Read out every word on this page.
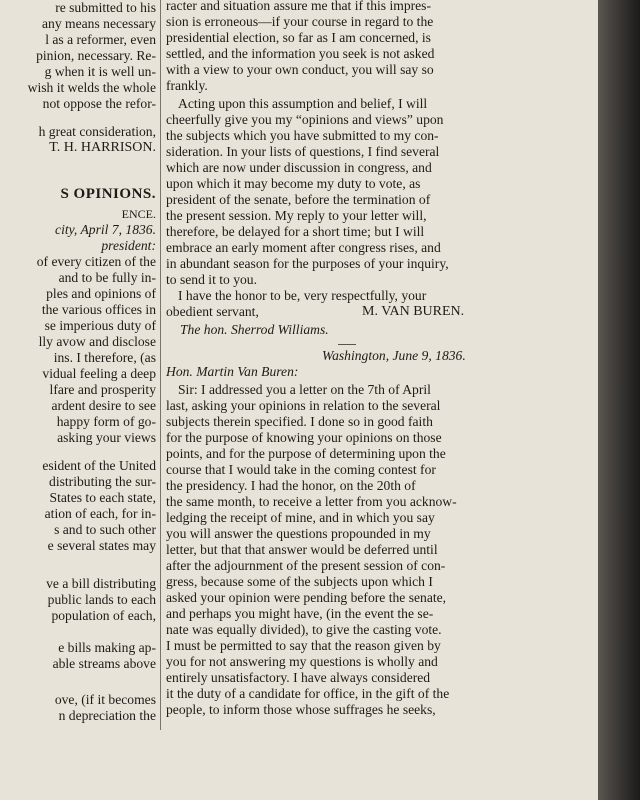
re submitted to his
any means necessary
l as a reformer, even
pinion, necessary. Re-
g when it is well un-
wish it welds the whole
not oppose the refor-
h great consideration,
T. H. HARRISON.
S OPINIONS.
ENCE.
city, April 7, 1836.
president:
of every citizen of the
and to be fully in-
ples and opinions of
the various offices in
se imperious duty of
lly avow and disclose
ins. I therefore, (as
vidual feeling a deep
lfare and prosperity
ardent desire to see
happy form of go-
asking your views
esident of the United
distributing the sur-
States to each state,
ation of each, for in-
s and to such other
e several states may
ve a bill distributing
public lands to each
population of each,
e bills making ap-
able streams above
ove, (if it becomes
n depreciation the
racter and situation assure me that if this impres-
sion is erroneous—if your course in regard to the
presidential election, so far as I am concerned, is
settled, and the information you seek is not asked
with a view to your own conduct, you will say so
frankly.
Acting upon this assumption and belief, I will
cheerfully give you my “opinions and views” upon
the subjects which you have submitted to my con-
sideration. In your lists of questions, I find several
which are now under discussion in congress, and
upon which it may become my duty to vote, as
president of the senate, before the termination of
the present session. My reply to your letter will,
therefore, be delayed for a short time; but I will
embrace an early moment after congress rises, and
in abundant season for the purposes of your inquiry,
to send it to you.
I have the honor to be, very respectfully, your
obedient servant,	M. VAN BUREN.
The hon. Sherrod Williams.
Washington, June 9, 1836.
Hon. Martin Van Buren:
Sir: I addressed you a letter on the 7th of April
last, asking your opinions in relation to the several
subjects therein specified. I done so in good faith
for the purpose of knowing your opinions on those
points, and for the purpose of determining upon the
course that I would take in the coming contest for
the presidency. I had the honor, on the 20th of
the same month, to receive a letter from you acknow-
ledging the receipt of mine, and in which you say
you will answer the questions propounded in my
letter, but that that answer would be deferred until
after the adjournment of the present session of con-
gress, because some of the subjects upon which I
asked your opinion were pending before the senate,
and perhaps you might have, (in the event the se-
nate was equally divided), to give the casting vote.
I must be permitted to say that the reason given by
you for not answering my questions is wholly and
entirely unsatisfactory. I have always considered
it the duty of a candidate for office, in the gift of the
people, to inform those whose suffrages he seeks,
